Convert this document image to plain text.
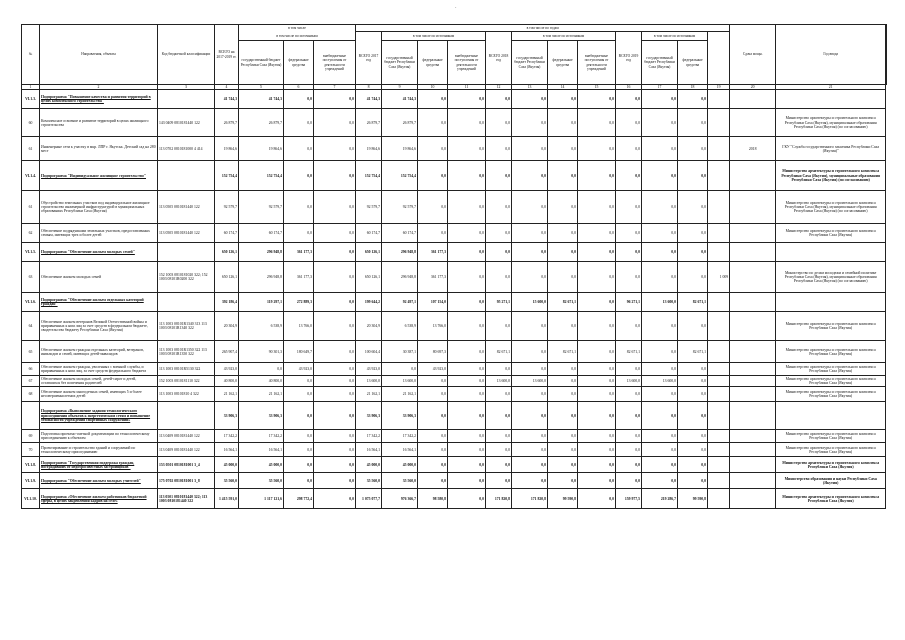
·
№	Направления, объекты	Код бюджетной классификации	ВСЕГО на 2017-2019 гг.	в том числе			в том числе по годам												Сдача мощн.	Год ввода	
				в том числе по источникам			ВСЕГО 2017 год	в том числе по источникам			ВСЕГО 2018 год	в том числе по источникам			ВСЕГО 2019 год	в том числе по источникам					
				государственный бюджет Республики Саха (Якутия)	федеральные средства	внебюджетные поступления от деятельности учреждений		государственный бюджет Республики Саха (Якутия)	федеральные средства	внебюджетные поступления от деятельности учреждений		государственный бюджет Республики Саха (Якутия)	федеральные средства	внебюджетные поступления от деятельности учреждений		государственный бюджет Республики Саха (Якутия)	федеральные средства				
1	2	3	4	5	6	7	8	9	10	11	12	13	14	15	16	17	18	19	20	21	
VI.1.3.	Подпрограмма "Повышение качества и развития территорий в целях комплексного строительства"		41 744,3	41 744,3	0,0	0,0	41 744,3	41 744,3	0,0	0,0	0,0	0,0	0,0	0,0	0,0	0,0	0,0				
60	Комплексное освоение и развитие территорий в целях жилищного строительства	143 0409 0810181440 122	26 879,7	26 879,7	0,0	0,0	26 879,7	26 879,7	0,0	0,0	0,0	0,0	0,0	0,0	0,0	0,0	0,0			Министерство архитектуры и строительного комплекса Республики Саха (Якутия), муниципальные образования Республики Саха (Якутия) (по согласованию)	
61	Инженерные сети к участку в мкр. ЛПР г. Якутска. Детский сад на 280 мест	113 0702 0810181000 4 414	19 864,6	19 864,6	0,0	0,0	19 864,6	19 864,6	0,0	0,0	0,0	0,0	0,0	0,0	0,0	0,0	0,0		2018	ГКУ "Служба государственного заказчика Республики Саха (Якутия)"	
VI.1.4.	Подпрограмма "Индивидуальное жилищное строительство"		152 754,4	152 754,4	0,0	0,0	152 754,4	152 754,4	0,0	0,0	0,0	0,0	0,0	0,0	0,0	0,0	0,0			Министерство архитектуры и строительного комплекса Республики Саха (Якутия), муниципальные образования Республики Саха (Якутия) (по согласованию)	
61	Обустройство земельных участков под индивидуальное жилищное строительство инженерной инфраструктурой в муниципальных образованиях Республики Саха (Якутия)	113 0505 0810181440 122	92 579,7	92 579,7	0,0	0,0	92 579,7	92 579,7	0,0	0,0	0,0	0,0	0,0	0,0	0,0	0,0	0,0			Министерство архитектуры и строительного комплекса Республики Саха (Якутия), муниципальные образования Республики Саха (Якутия) (по согласованию)	
62	Обеспечение подрядчиками земельных участков, предоставленных семьям, имеющих трех и более детей	113 0505 0810181440 122	60 174,7	60 174,7	0,0	0,0	60 174,7	60 174,7	0,0	0,0	0,0	0,0	0,0	0,0	0,0	0,0	0,0			Министерство архитектуры и строительного комплекса Республики Саха (Якутия)	
VI.1.5.	Подпрограмма "Обеспечение жильем молодых семей"		650 126,1	296 948,8	361 177,3	0,0	650 126,1	296 948,8	361 177,3	0,0	0,0	0,0	0,0	0,0	0,0	0,0	0,0				
63	Обеспечение жильем молодых семей	152 1003 0810181020 322; 152 1003 08101R0200 322	650 126,1	296 948,8	361 177,3	0,0	650 126,1	296 948,8	361 177,3	0,0	0,0	0,0	0,0	0,0	0,0	0,0	0,0	1 009		Министерство по делам молодежи и семейной политике Республики Саха (Якутия), муниципальные образования Республики Саха (Якутия) (по согласованию)	
VI.1.6.	Подпрограмма "Обеспечение жильем отдельных категорий граждан"		392 186,4	119 297,1	272 889,3	0,0	199 644,2	92 497,1	107 154,0	0,0	95 271,1	15 600,0	82 671,1	0,0	96 271,1	13 600,0	82 671,1				
64	Обеспечение жильем ветеранов Великой Отечественной войны и приравненных к ним лиц за счет средств в федеральном бюджете, свидетельства бюджету Республики Саха (Якутия)	113 1003 08101R1340 313 113 1003 08101R1340 322	20 304,9	6 538,9	13 766,0	0,0	20 304,9	6 538,9	13 766,0	0,0	0,0	0,0	0,0	0,0	0,0	0,0	0,0			Министерство архитектуры и строительного комплекса Республики Саха (Якутия)	
65	Обеспечение жильем граждан отдельных категорий, ветеранов, инвалидов и семей, имеющих детей-инвалидов	113 1003 08101R1350 322 113 1003 08101R1350 322	265 907,4	90 301,3	180 649,7	0,0	100 604,4	30 387,1	80 697,3	0,0	82 671,1	0,0	82 671,1	0,0	82 671,1	0,0	82 671,1			Министерство архитектуры и строительного комплекса Республики Саха (Якутия)	
66	Обеспечение жильем граждан, уволенных с военной службы, и приравненных к ним лиц, за счет средств федерального бюджета	113 1003 08101R5130 322	43 923,0	0,0	43 923,0	0,0	43 923,0	0,0	43 923,0	0,0	0,0	0,0	0,0	0,0	0,0	0,0	0,0			Министерство архитектуры и строительного комплекса Республики Саха (Якутия)	
67	Обеспечение жильем молодых семей, детей-сирот и детей, оставшихся без попечения родителей	152 1003 0810181110 322	40 800,0	40 800,0	0,0	0,0	13 600,0	13 600,0	0,0	0,0	13 600,0	13 600,0	0,0	0,0	13 600,0	13 600,0	0,0			Министерство архитектуры и строительного комплекса Республики Саха (Якутия)	
68	Обеспечение жильем многодетных семей, имеющих 5 и более несовершеннолетних детей	113 1003 08101810 4 322	21 162,1	21 162,1	0,0	0,0	21 162,1	21 162,1	0,0	0,0	0,0	0,0	0,0	0,0	0,0	0,0	0,0			Министерство архитектуры и строительного комплекса Республики Саха (Якутия)	
	Подпрограмма «Выполнение задания технологического присоединения объектов к энергетическим сетям и повышение безопасности учреждения спортивных сооружений»		33 906,3	33 906,3	0,0	0,0	33 906,3	33 906,3	0,0	0,0	0,0	0,0	0,0	0,0	0,0	0,0	0,0				
69	Подготовка проектно-сметной документации по технологическому присоединению к объектам	113 0409 0810181440 122	17 342,2	17 342,2	0,0	0,0	17 342,2	17 342,2	0,0	0,0	0,0	0,0	0,0	0,0	0,0	0,0	0,0			Министерство архитектуры и строительного комплекса Республики Саха (Якутия)	
70	Проектирование и строительство зданий и сооружений по технологическому присоединению	113 0409 0810181440 122	16 564,1	16 564,1	0,0	0,0	16 564,1	16 564,1	0,0	0,0	0,0	0,0	0,0	0,0	0,0	0,0	0,0			Министерство архитектуры и строительного комплекса Республики Саха (Якутия)	
VI.1.8.	Подпрограмма "Государственная поддержка граждан, пострадавших от недобросовестных застройщиков"	153 0501 0810181001 3_4	45 000,0	45 000,0	0,0	0,0	45 000,0	45 000,0	0,0	0,0	0,0	0,0	0,0	0,0	0,0	0,0	0,0			Министерство архитектуры и строительного комплекса Республики Саха (Якутия)	
VI.1.9.	Подпрограмма "Обеспечение жильем молодых учителей"	175 0702 0810181001 3_8	35 560,0	35 560,0	0,0	0,0	35 560,0	35 560,0	0,0	0,0	0,0	0,0	0,0	0,0	0,0	0,0	0,0			Министерство образования и науки Республики Саха (Якутия)	
VI.1.10.	Подпрограмма «Обеспечение жильем работников бюджетной сферы, в целях закрепления кадров на селе»	113 0501 0810181440 322; 113 1003 0810181440 322	1 415 591,0	1 117 121,6	298 772,4	0,0	1 075 077,7	976 366,7	98 580,8	0,0	171 820,8	171 820,8	99 590,8	0,0	159 977,5	219 286,7	99 590,8			Министерство архитектуры и строительного комплекса Республики Саха (Якутия)	
